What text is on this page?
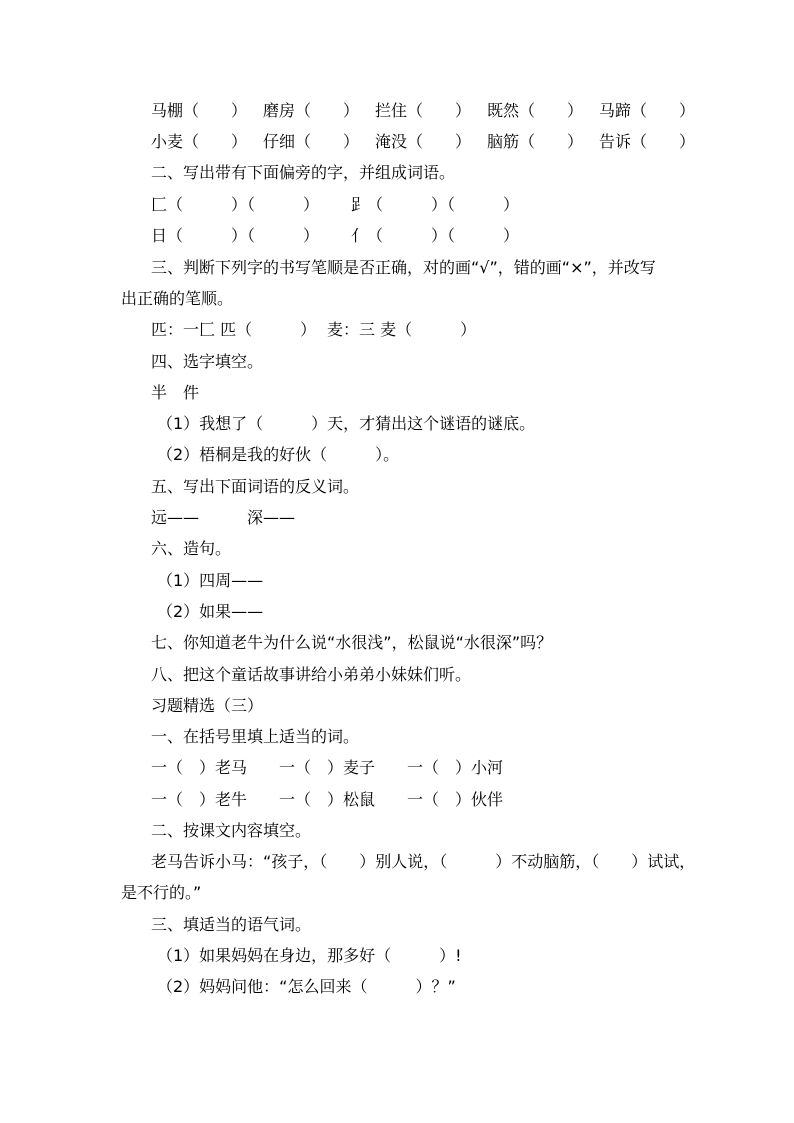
马棚（　　）

磨房（　　）

拦住（　　）

既然（　　）

马蹄（　　）

小麦（　　）

仔细（　　）

淹没（　　）

脑筋（　　）

告诉（　　）

二、写出带有下面偏旁的字，并组成词语。

匚（　　　）（　　　）

𧾷（　　　）（　　　）

日（　　　）（　　　）

亻（　　　）（　　　）

三、判断下列字的书写笔顺是否正确，对的画“√”，错的画“×”，并改写

出正确的笔顺。

匹：一匚 匹（　　　）

麦：三 麦（　　　）

四、选字填空。

半　件

（1）我想了（　　　）天，才猜出这个谜语的谜底。

（2）梧桐是我的好伙（　　　）。

五、写出下面词语的反义词。

远——

	深——

六、造句。

（1）四周——

（2）如果——

七、你知道老牛为什么说“水很浅”，松鼠说“水很深”吗？

八、把这个童话故事讲给小弟弟小妹妹们听。

习题精选（三）

一、在括号里填上适当的词。

一（　）老马

一（　）麦子

一（　）小河

一（　）老牛

一（　）松鼠

一（　）伙伴

二、按课文内容填空。

老马告诉小马：“孩子，（　　）别人说，（　　　）不动脑筋，（　　）试试，

是不行的。”

三、填适当的语气词。

（1）如果妈妈在身边，那多好（　　　）!

（2）妈妈问他：“怎么回来（　　　）？”
